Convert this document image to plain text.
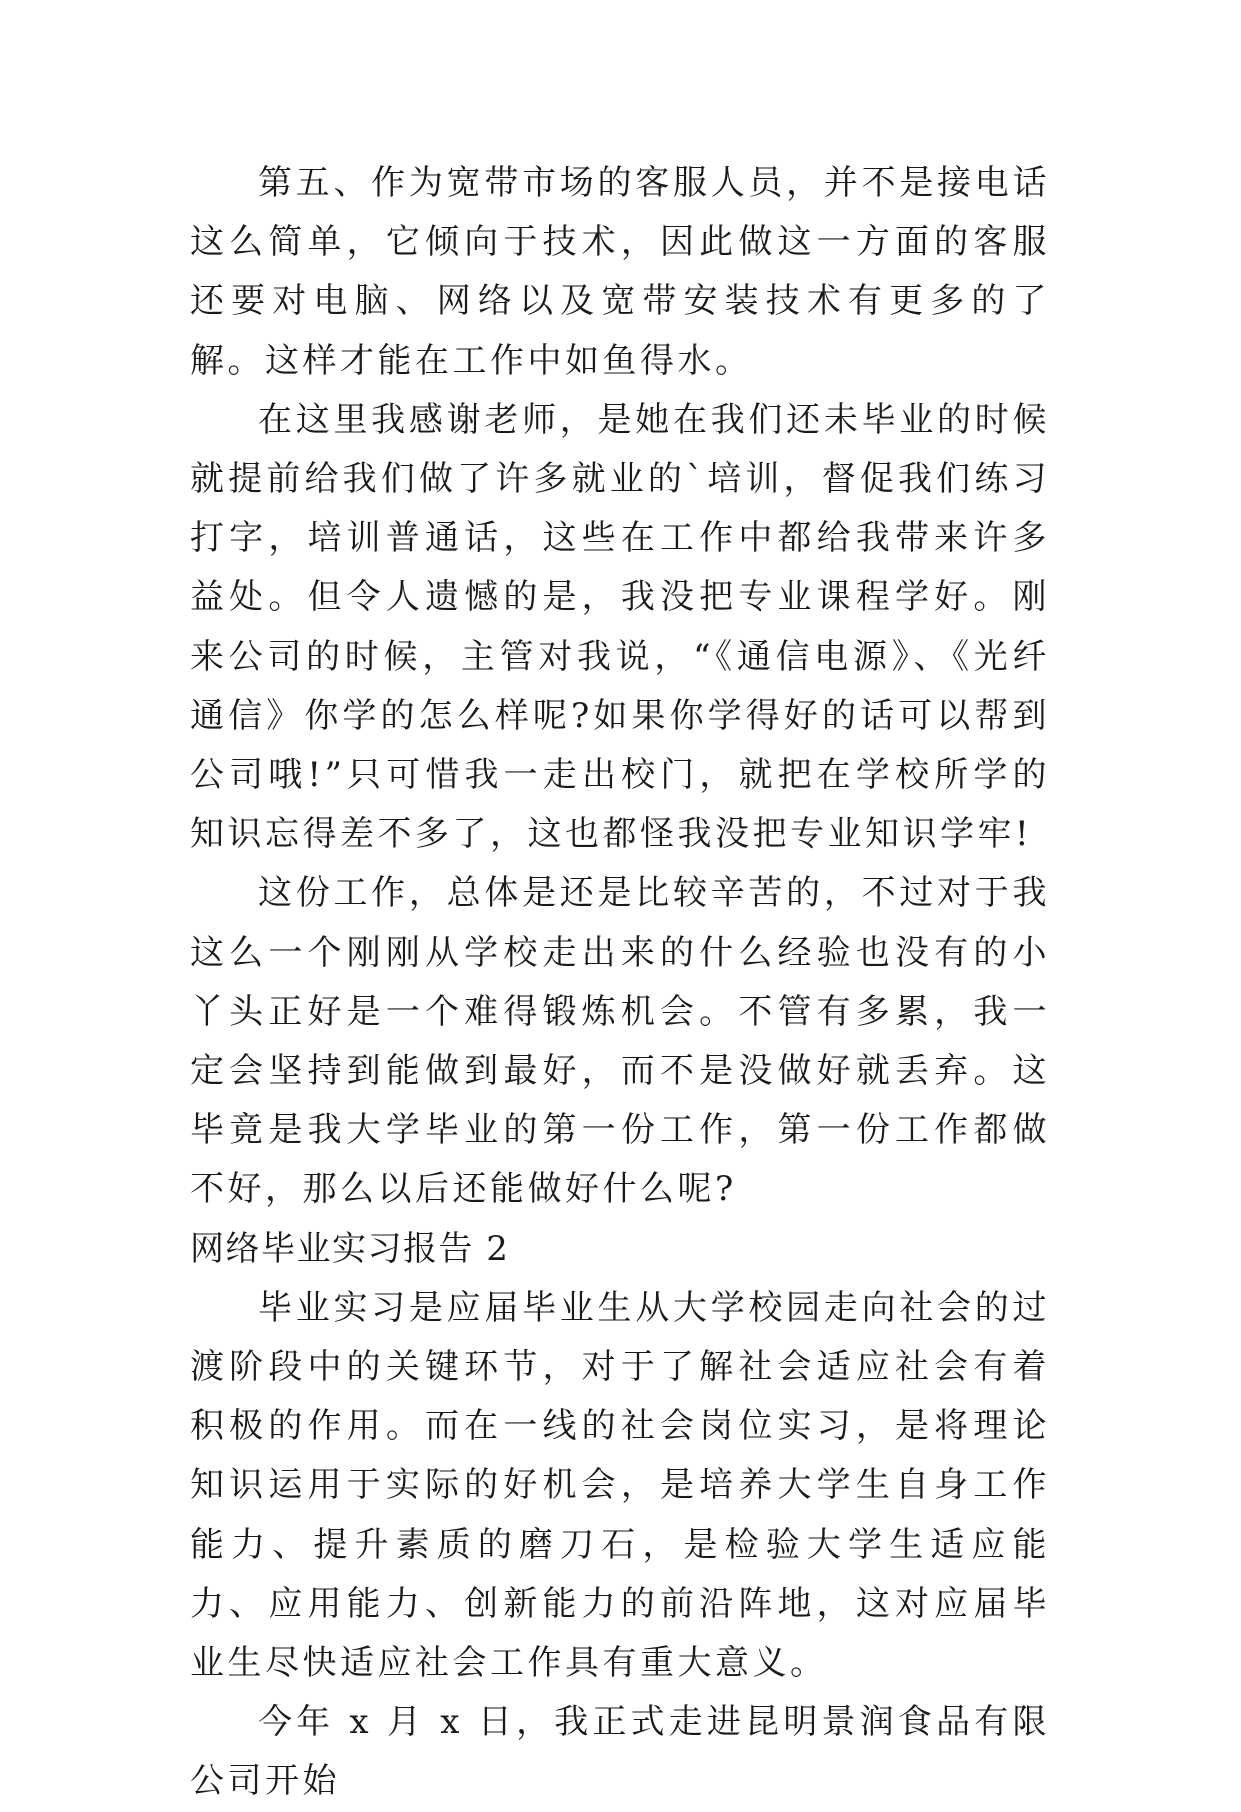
第五、作为宽带市场的客服人员，并不是接电话这么简单，它倾向于技术，因此做这一方面的客服还要对电脑、网络以及宽带安装技术有更多的了解。这样才能在工作中如鱼得水。

在这里我感谢老师，是她在我们还未毕业的时候就提前给我们做了许多就业的`培训，督促我们练习打字，培训普通话，这些在工作中都给我带来许多益处。但令人遗憾的是，我没把专业课程学好。刚来公司的时候，主管对我说，“《通信电源》、《光纤通信》你学的怎么样呢?如果你学得好的话可以帮到公司哦!”只可惜我一走出校门，就把在学校所学的知识忘得差不多了，这也都怪我没把专业知识学牢!

这份工作，总体是还是比较辛苦的，不过对于我这么一个刚刚从学校走出来的什么经验也没有的小丫头正好是一个难得锻炼机会。不管有多累，我一定会坚持到能做到最好，而不是没做好就丢弃。这毕竟是我大学毕业的第一份工作，第一份工作都做不好，那么以后还能做好什么呢?

网络毕业实习报告 2

毕业实习是应届毕业生从大学校园走向社会的过渡阶段中的关键环节，对于了解社会适应社会有着积极的作用。而在一线的社会岗位实习，是将理论知识运用于实际的好机会，是培养大学生自身工作能力、提升素质的磨刀石，是检验大学生适应能力、应用能力、创新能力的前沿阵地，这对应届毕业生尽快适应社会工作具有重大意义。

今年 x 月 x 日，我正式走进昆明景润食品有限公司开始
